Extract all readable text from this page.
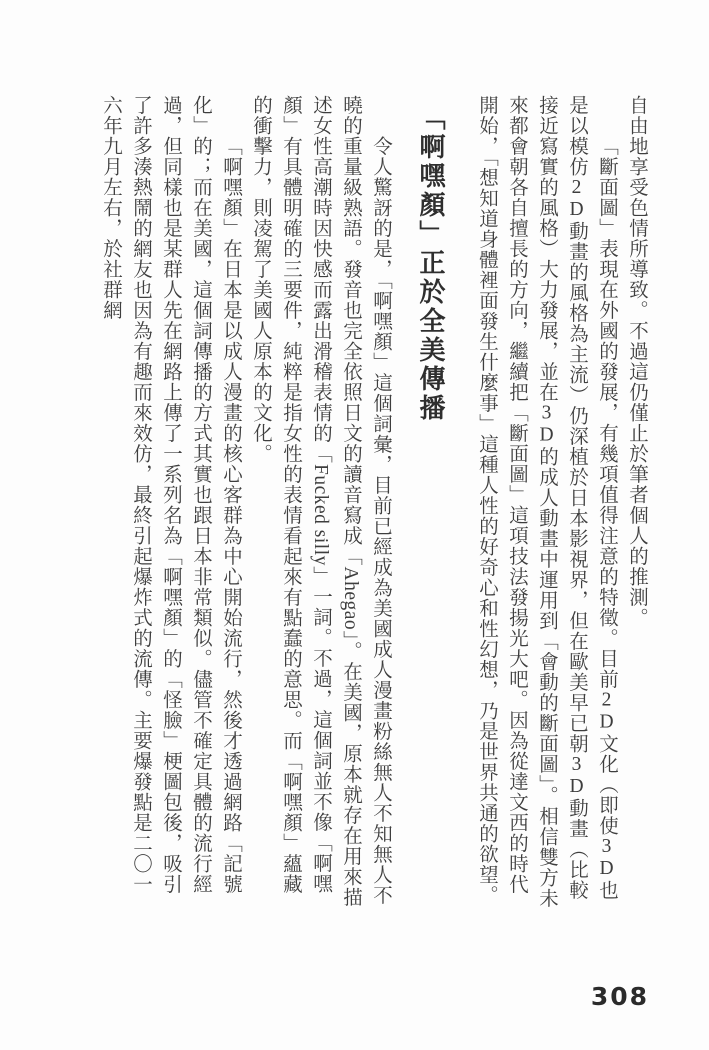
自由地享受色情所導致。不過這仍僅止於筆者個人的推測。

「斷面圖」表現在外國的發展，有幾項值得注意的特徵。目前2D文化（即使3D也是以模仿2D動畫的風格為主流）仍深植於日本影視界，但在歐美早已朝3D動畫（比較接近寫實的風格）大力發展，並在3D的成人動畫中運用到「會動的斷面圖」。相信雙方未來都會朝各自擅長的方向，繼續把「斷面圖」這項技法發揚光大吧。因為從達文西的時代開始，「想知道身體裡面發生什麼事」這種人性的好奇心和性幻想，乃是世界共通的欲望。

「啊嘿顏」正於全美傳播

令人驚訝的是，「啊嘿顏」這個詞彙，目前已經成為美國成人漫畫粉絲無人不知無人不曉的重量級熟語。發音也完全依照日文的讀音寫成「Ahegao」。在美國，原本就存在用來描述女性高潮時因快感而露出滑稽表情的「Fucked silly」一詞。不過，這個詞並不像「啊嘿顏」有具體明確的三要件，純粹是指女性的表情看起來有點蠢的意思。而「啊嘿顏」蘊藏的衝擊力，則凌駕了美國人原本的文化。

「啊嘿顏」在日本是以成人漫畫的核心客群為中心開始流行，然後才透過網路「記號化」的；而在美國，這個詞傳播的方式其實也跟日本非常類似。儘管不確定具體的流行經過，但同樣也是某群人先在網路上傳了一系列名為「啊嘿顏」的「怪臉」梗圖包後，吸引了許多湊熱鬧的網友也因為有趣而來效仿，最終引起爆炸式的流傳。主要爆發點是二〇一六年九月左右，於社群網

308
